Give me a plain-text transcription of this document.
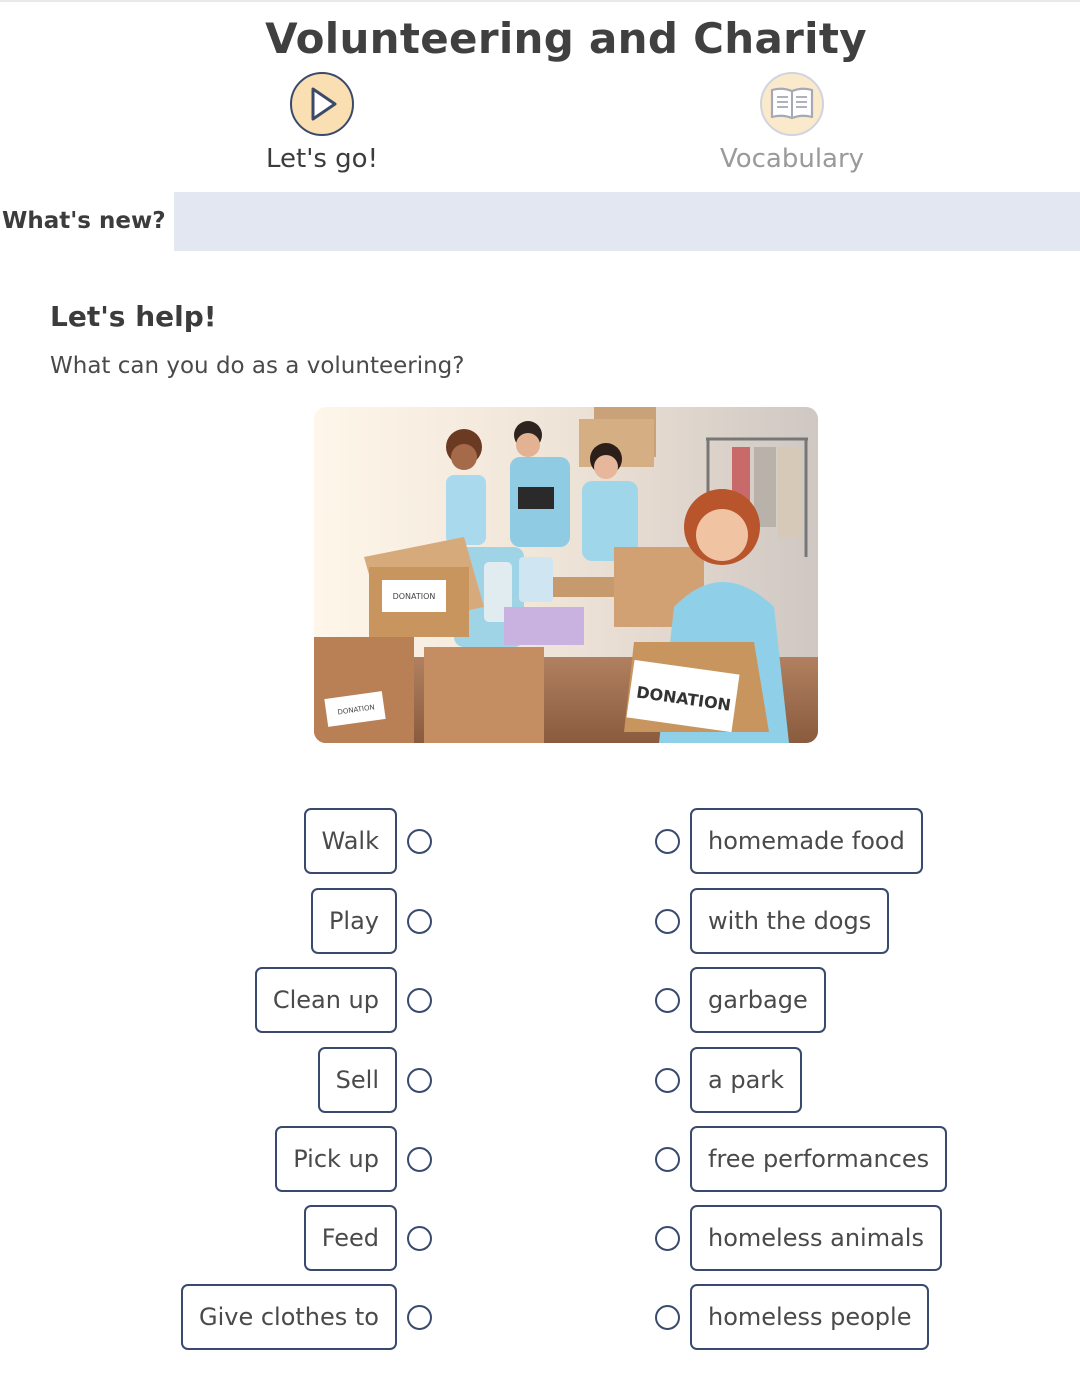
Volunteering and Charity
Let's go!	Vocabulary
What's new?
Let's help!
What can you do as a volunteering?
DONATION
DONATION	DONATION
Walk
Play
Clean up
Sell
Pick up
Feed
Give clothes to
homemade food
with the dogs
garbage
a park
free performances
homeless animals
homeless people
